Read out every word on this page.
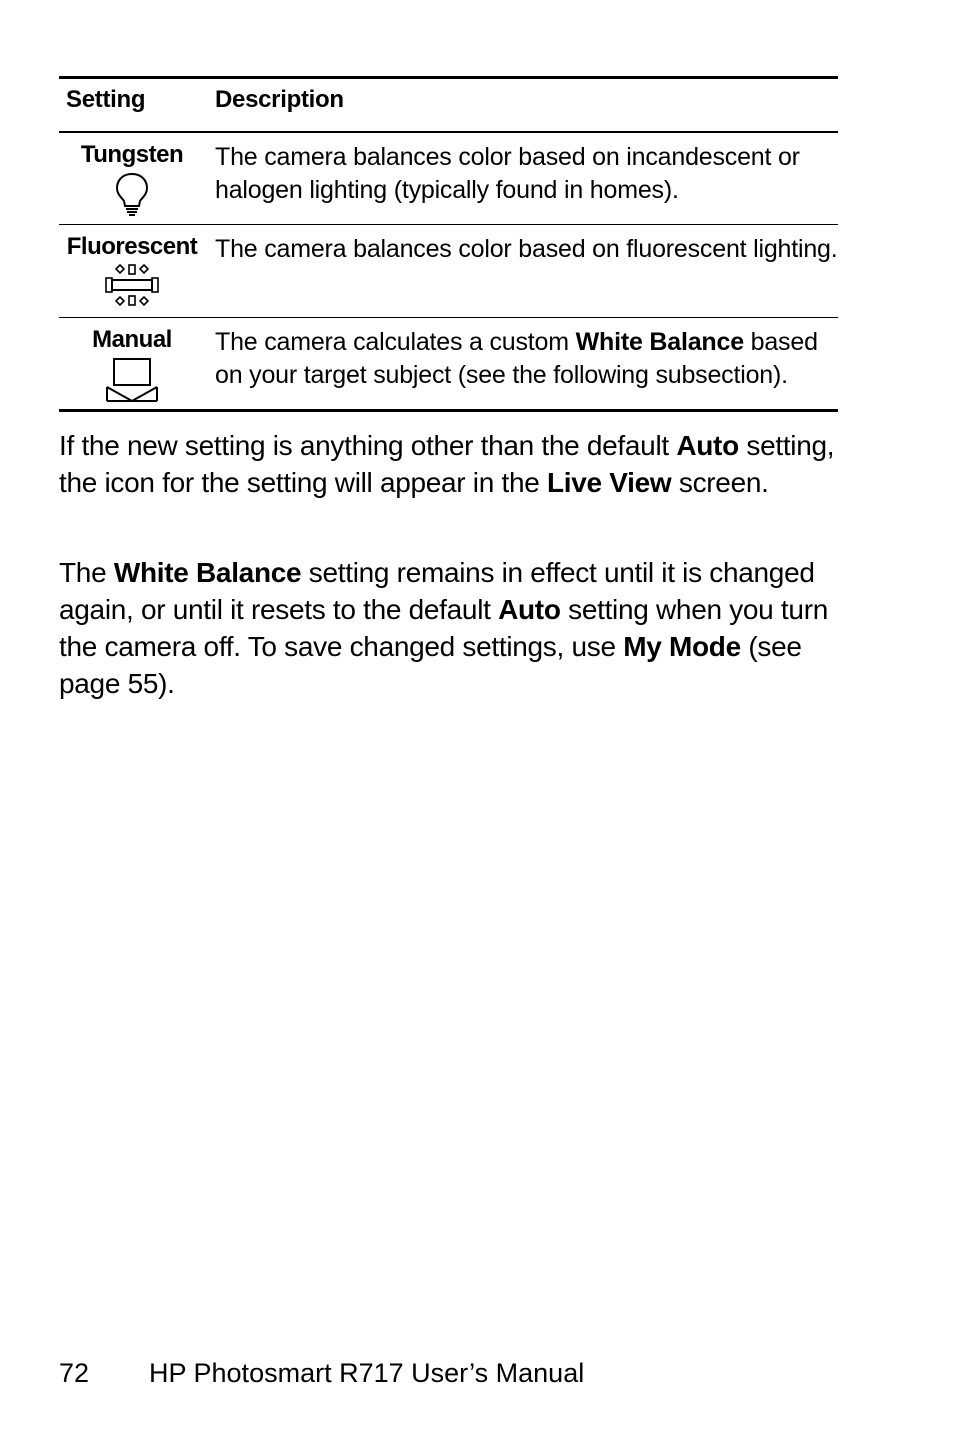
Setting	Description
Tungsten	The camera balances color based on incandescent or halogen lighting (typically found in homes).
Fluorescent The camera balances color based on fluorescent lighting.
Manual	The camera calculates a custom White Balance based on your target subject (see the following subsection).

If the new setting is anything other than the default Auto setting, the icon for the setting will appear in the Live View screen.

The White Balance setting remains in effect until it is changed again, or until it resets to the default Auto setting when you turn the camera off. To save changed settings, use My Mode (see page 55).

72 HP Photosmart R717 User’s Manual
